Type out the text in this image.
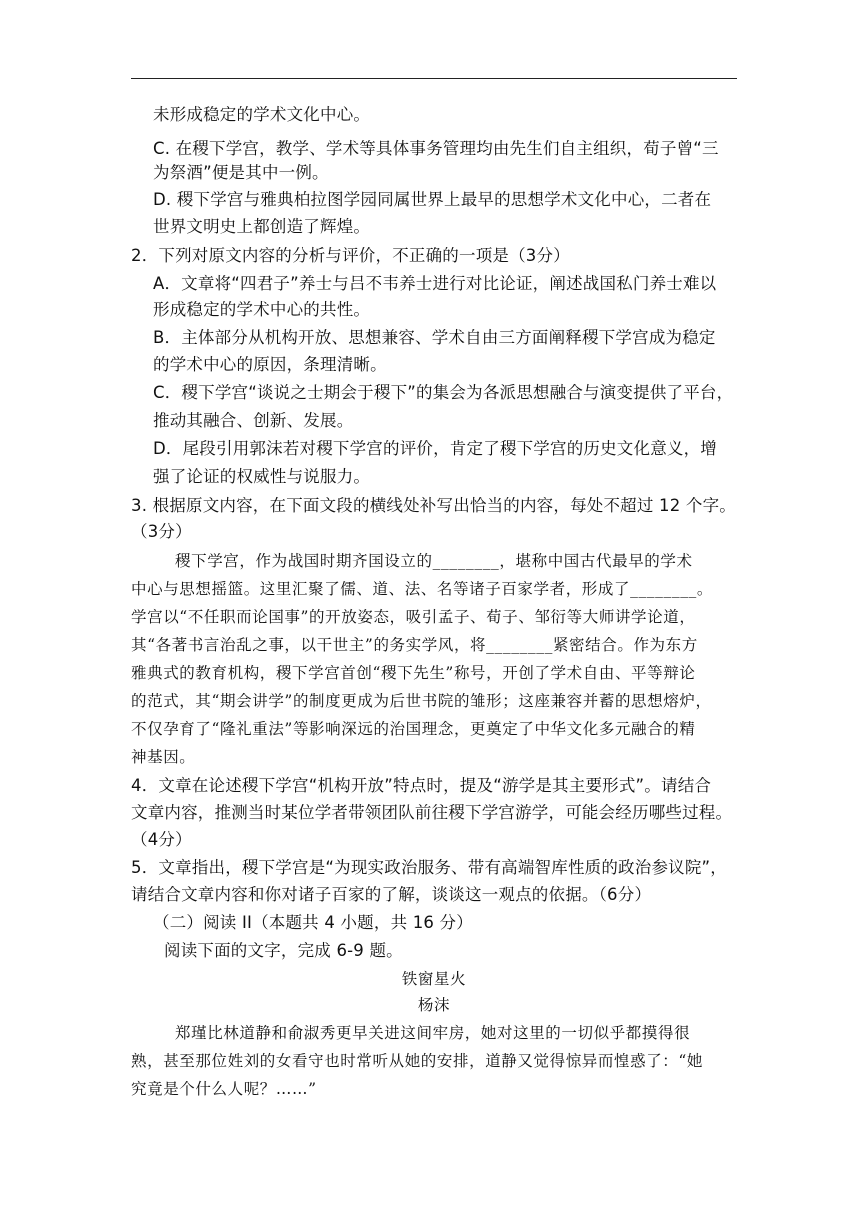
未形成稳定的学术文化中心。
C. 在稷下学宫，教学、学术等具体事务管理均由先生们自主组织，荀子曾“三
为祭酒”便是其中一例。
D. 稷下学宫与雅典柏拉图学园同属世界上最早的思想学术文化中心，二者在
世界文明史上都创造了辉煌。
2．下列对原文内容的分析与评价，不正确的一项是（3分）
A．文章将“四君子”养士与吕不韦养士进行对比论证，阐述战国私门养士难以
形成稳定的学术中心的共性。
B．主体部分从机构开放、思想兼容、学术自由三方面阐释稷下学宫成为稳定
的学术中心的原因，条理清晰。
C．稷下学宫“谈说之士期会于稷下”的集会为各派思想融合与演变提供了平台，
推动其融合、创新、发展。
D．尾段引用郭沫若对稷下学宫的评价，肯定了稷下学宫的历史文化意义，增
强了论证的权威性与说服力。
3. 根据原文内容，在下面文段的横线处补写出恰当的内容，每处不超过 12 个字。
（3分）
稷下学宫，作为战国时期齐国设立的________，堪称中国古代最早的学术
中心与思想摇篮。这里汇聚了儒、道、法、名等诸子百家学者，形成了________。
学宫以“不任职而论国事”的开放姿态，吸引孟子、荀子、邹衍等大师讲学论道，
其“各著书言治乱之事，以干世主”的务实学风，将________紧密结合。作为东方
雅典式的教育机构，稷下学宫首创“稷下先生”称号，开创了学术自由、平等辩论
的范式，其“期会讲学”的制度更成为后世书院的雏形；这座兼容并蓄的思想熔炉，
不仅孕育了“隆礼重法”等影响深远的治国理念，更奠定了中华文化多元融合的精
神基因。
4．文章在论述稷下学宫“机构开放”特点时，提及“游学是其主要形式”。请结合
文章内容，推测当时某位学者带领团队前往稷下学宫游学，可能会经历哪些过程。
（4分）
5．文章指出，稷下学宫是“为现实政治服务、带有高端智库性质的政治参议院”，
请结合文章内容和你对诸子百家的了解，谈谈这一观点的依据。（6分）
（二）阅读 II（本题共 4 小题，共 16 分）
阅读下面的文字，完成 6-9 题。
铁窗星火
杨沫
郑瑾比林道静和俞淑秀更早关进这间牢房，她对这里的一切似乎都摸得很
熟，甚至那位姓刘的女看守也时常听从她的安排，道静又觉得惊异而惶惑了：“她
究竟是个什么人呢？……”
